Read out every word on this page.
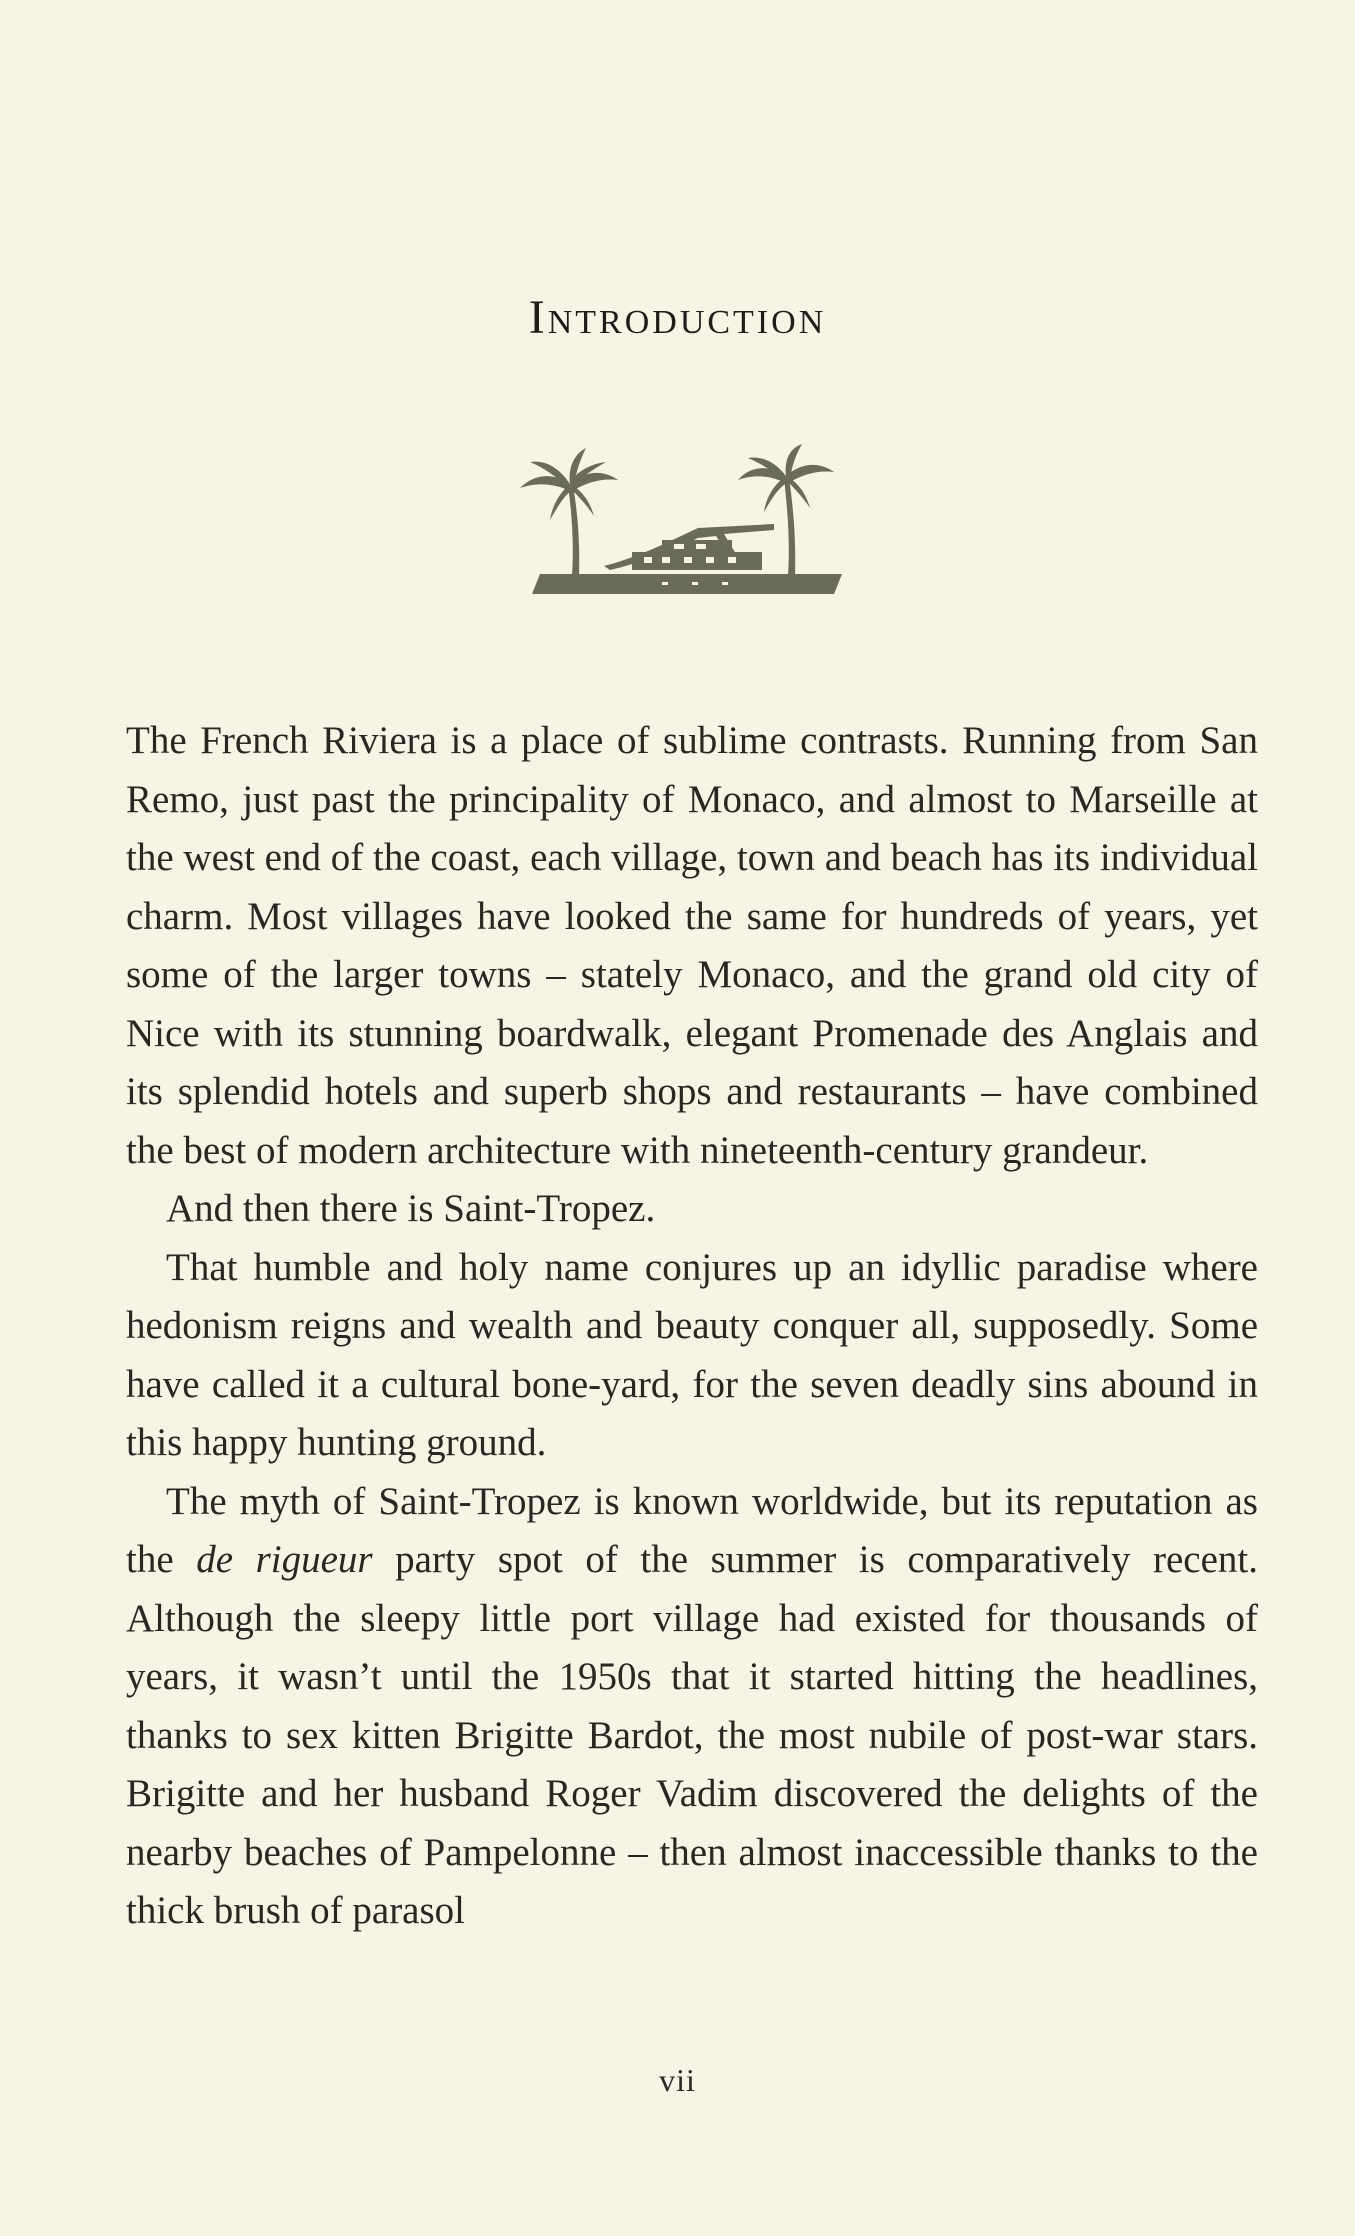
Introduction

The French Riviera is a place of sublime contrasts. Running from San Remo, just past the principality of Monaco, and almost to Marseille at the west end of the coast, each village, town and beach has its individual charm. Most villages have looked the same for hundreds of years, yet some of the larger towns – stately Monaco, and the grand old city of Nice with its stunning boardwalk, elegant Promenade des Anglais and its splendid hotels and superb shops and restaurants – have combined the best of modern architecture with nineteenth-century grandeur.

And then there is Saint-Tropez.

That humble and holy name conjures up an idyllic paradise where hedonism reigns and wealth and beauty conquer all, supposedly. Some have called it a cultural bone-yard, for the seven deadly sins abound in this happy hunting ground.

The myth of Saint-Tropez is known worldwide, but its reputation as the de rigueur party spot of the summer is comparatively recent. Although the sleepy little port village had existed for thousands of years, it wasn’t until the 1950s that it started hitting the headlines, thanks to sex kitten Brigitte Bardot, the most nubile of post-war stars. Brigitte and her husband Roger Vadim discovered the delights of the nearby beaches of Pampelonne – then almost inaccessible thanks to the thick brush of parasol

vii
